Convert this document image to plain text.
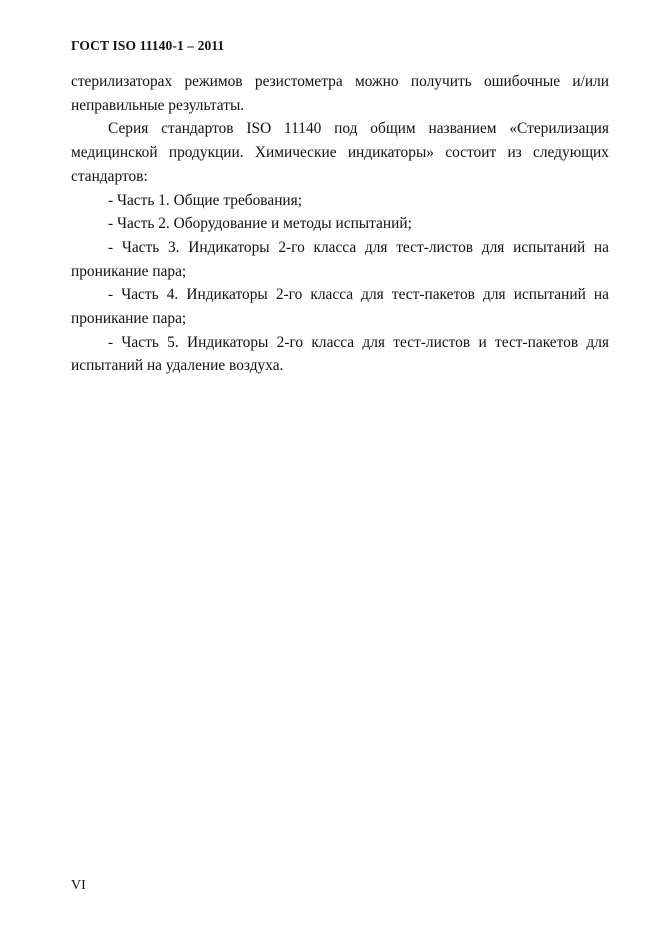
ГОСТ ISO 11140-1 – 2011

стерилизаторах режимов резистометра можно получить ошибочные и/или неправильные результаты.

Серия стандартов ISO 11140 под общим названием «Стерилизация медицинской продукции. Химические индикаторы» состоит из следующих стандартов:

- Часть 1. Общие требования;

- Часть 2. Оборудование и методы испытаний;

- Часть 3. Индикаторы 2-го класса для тест-листов для испытаний на проникание пара;

- Часть 4. Индикаторы 2-го класса для тест-пакетов для испытаний на проникание пара;

- Часть 5. Индикаторы 2-го класса для тест-листов и тест-пакетов для испытаний на удаление воздуха.

VI
